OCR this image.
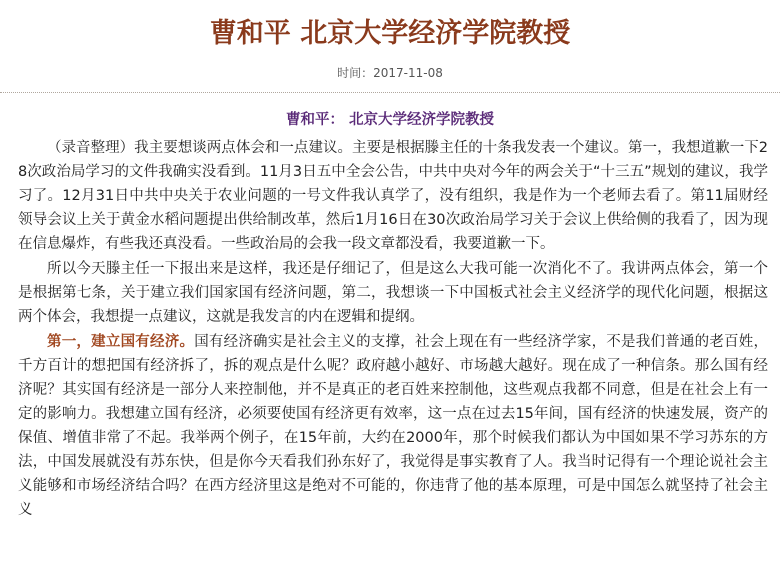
曹和平 北京大学经济学院教授
时间：2017-11-08
曹和平： 北京大学经济学院教授

（录音整理）我主要想谈两点体会和一点建议。主要是根据滕主任的十条我发表一个建议。第一，我想道歉一下28次政治局学习的文件我确实没看到。11月3日五中全会公告，中共中央对今年的两会关于“十三五”规划的建议，我学习了。12月31日中共中央关于农业问题的一号文件我认真学了，没有组织，我是作为一个老师去看了。第11届财经领导会议上关于黄金水稻问题提出供给制改革，然后1月16日在30次政治局学习关于会议上供给侧的我看了，因为现在信息爆炸，有些我还真没看。一些政治局的会我一段文章都没看，我要道歉一下。

所以今天滕主任一下报出来是这样，我还是仔细记了，但是这么大我可能一次消化不了。我讲两点体会，第一个是根据第七条，关于建立我们国家国有经济问题，第二，我想谈一下中国板式社会主义经济学的现代化问题，根据这两个体会，我想提一点建议，这就是我发言的内在逻辑和提纲。

第一，建立国有经济。国有经济确实是社会主义的支撑，社会上现在有一些经济学家，不是我们普通的老百姓，千方百计的想把国有经济拆了，拆的观点是什么呢？政府越小越好、市场越大越好。现在成了一种信条。那么国有经济呢？其实国有经济是一部分人来控制他，并不是真正的老百姓来控制他，这些观点我都不同意，但是在社会上有一定的影响力。我想建立国有经济，必须要使国有经济更有效率，这一点在过去15年间，国有经济的快速发展，资产的保值、增值非常了不起。我举两个例子，在15年前，大约在2000年，那个时候我们都认为中国如果不学习苏东的方法，中国发展就没有苏东快，但是你今天看我们孙东好了，我觉得是事实教育了人。我当时记得有一个理论说社会主义能够和市场经济结合吗？在西方经济里这是绝对不可能的，你违背了他的基本原理，可是中国怎么就坚持了社会主义
